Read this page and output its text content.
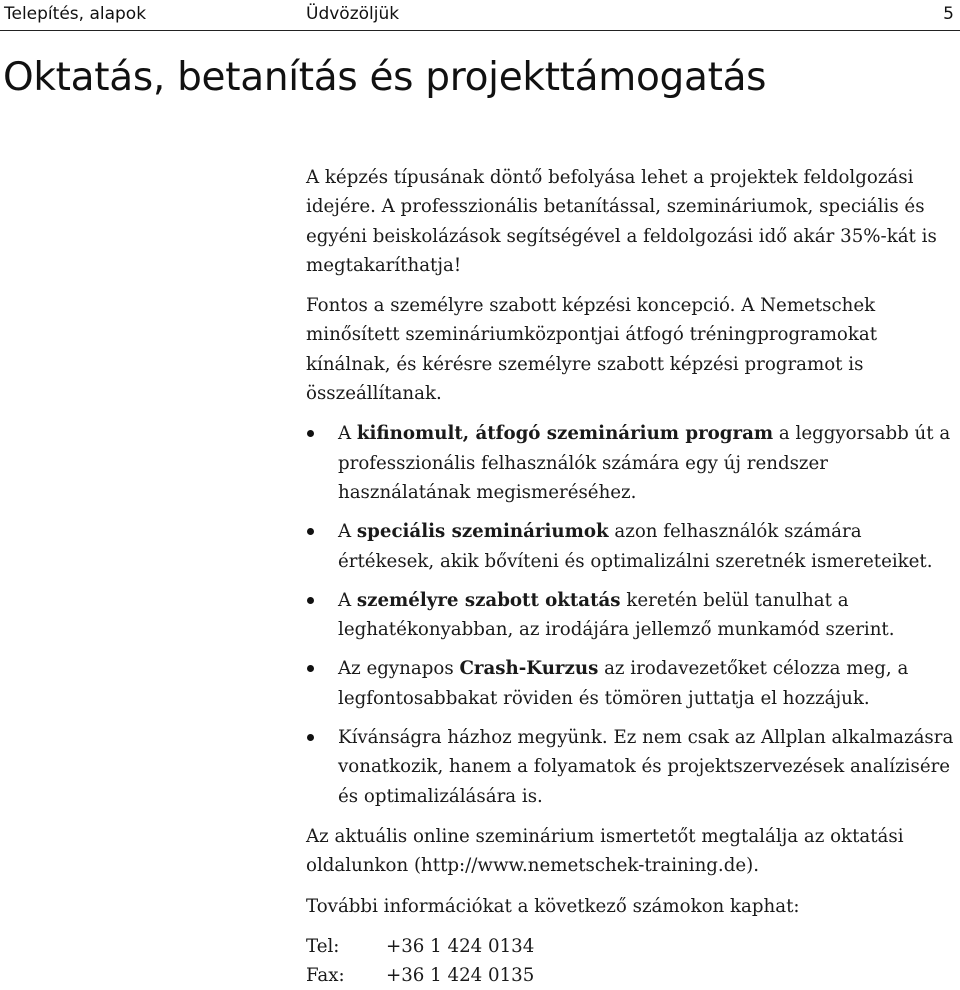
Telepítés, alapok	Üdvözöljük	5
Oktatás, betanítás és projekttámogatás

A képzés típusának döntő befolyása lehet a projektek feldolgozási idejére. A professzionális betanítással, szemináriumok, speciális és egyéni beiskolázások segítségével a feldolgozási idő akár 35%-kát is megtakaríthatja!

Fontos a személyre szabott képzési koncepció. A Nemetschek minősített szemináriumközpontjai átfogó tréningprogramokat kínálnak, és kérésre személyre szabott képzési programot is összeállítanak.

A kifinomult, átfogó szeminárium program a leggyorsabb út a professzionális felhasználók számára egy új rendszer használatának megismeréséhez.
A speciális szemináriumok azon felhasználók számára értékesek, akik bővíteni és optimalizálni szeretnék ismereteiket.
A személyre szabott oktatás keretén belül tanulhat a leghatékonyabban, az irodájára jellemző munkamód szerint.
Az egynapos Crash-Kurzus az irodavezetőket célozza meg, a legfontosabbakat röviden és tömören juttatja el hozzájuk.
Kívánságra házhoz megyünk. Ez nem csak az Allplan alkalmazásra vonatkozik, hanem a folyamatok és projektszervezések analízisére és optimalizálására is.

Az aktuális online szeminárium ismertetőt megtalálja az oktatási oldalunkon (http://www.nemetschek-training.de).

További információkat a következő számokon kaphat:

Tel:	+36 1 424 0134
Fax:	+36 1 424 0135
